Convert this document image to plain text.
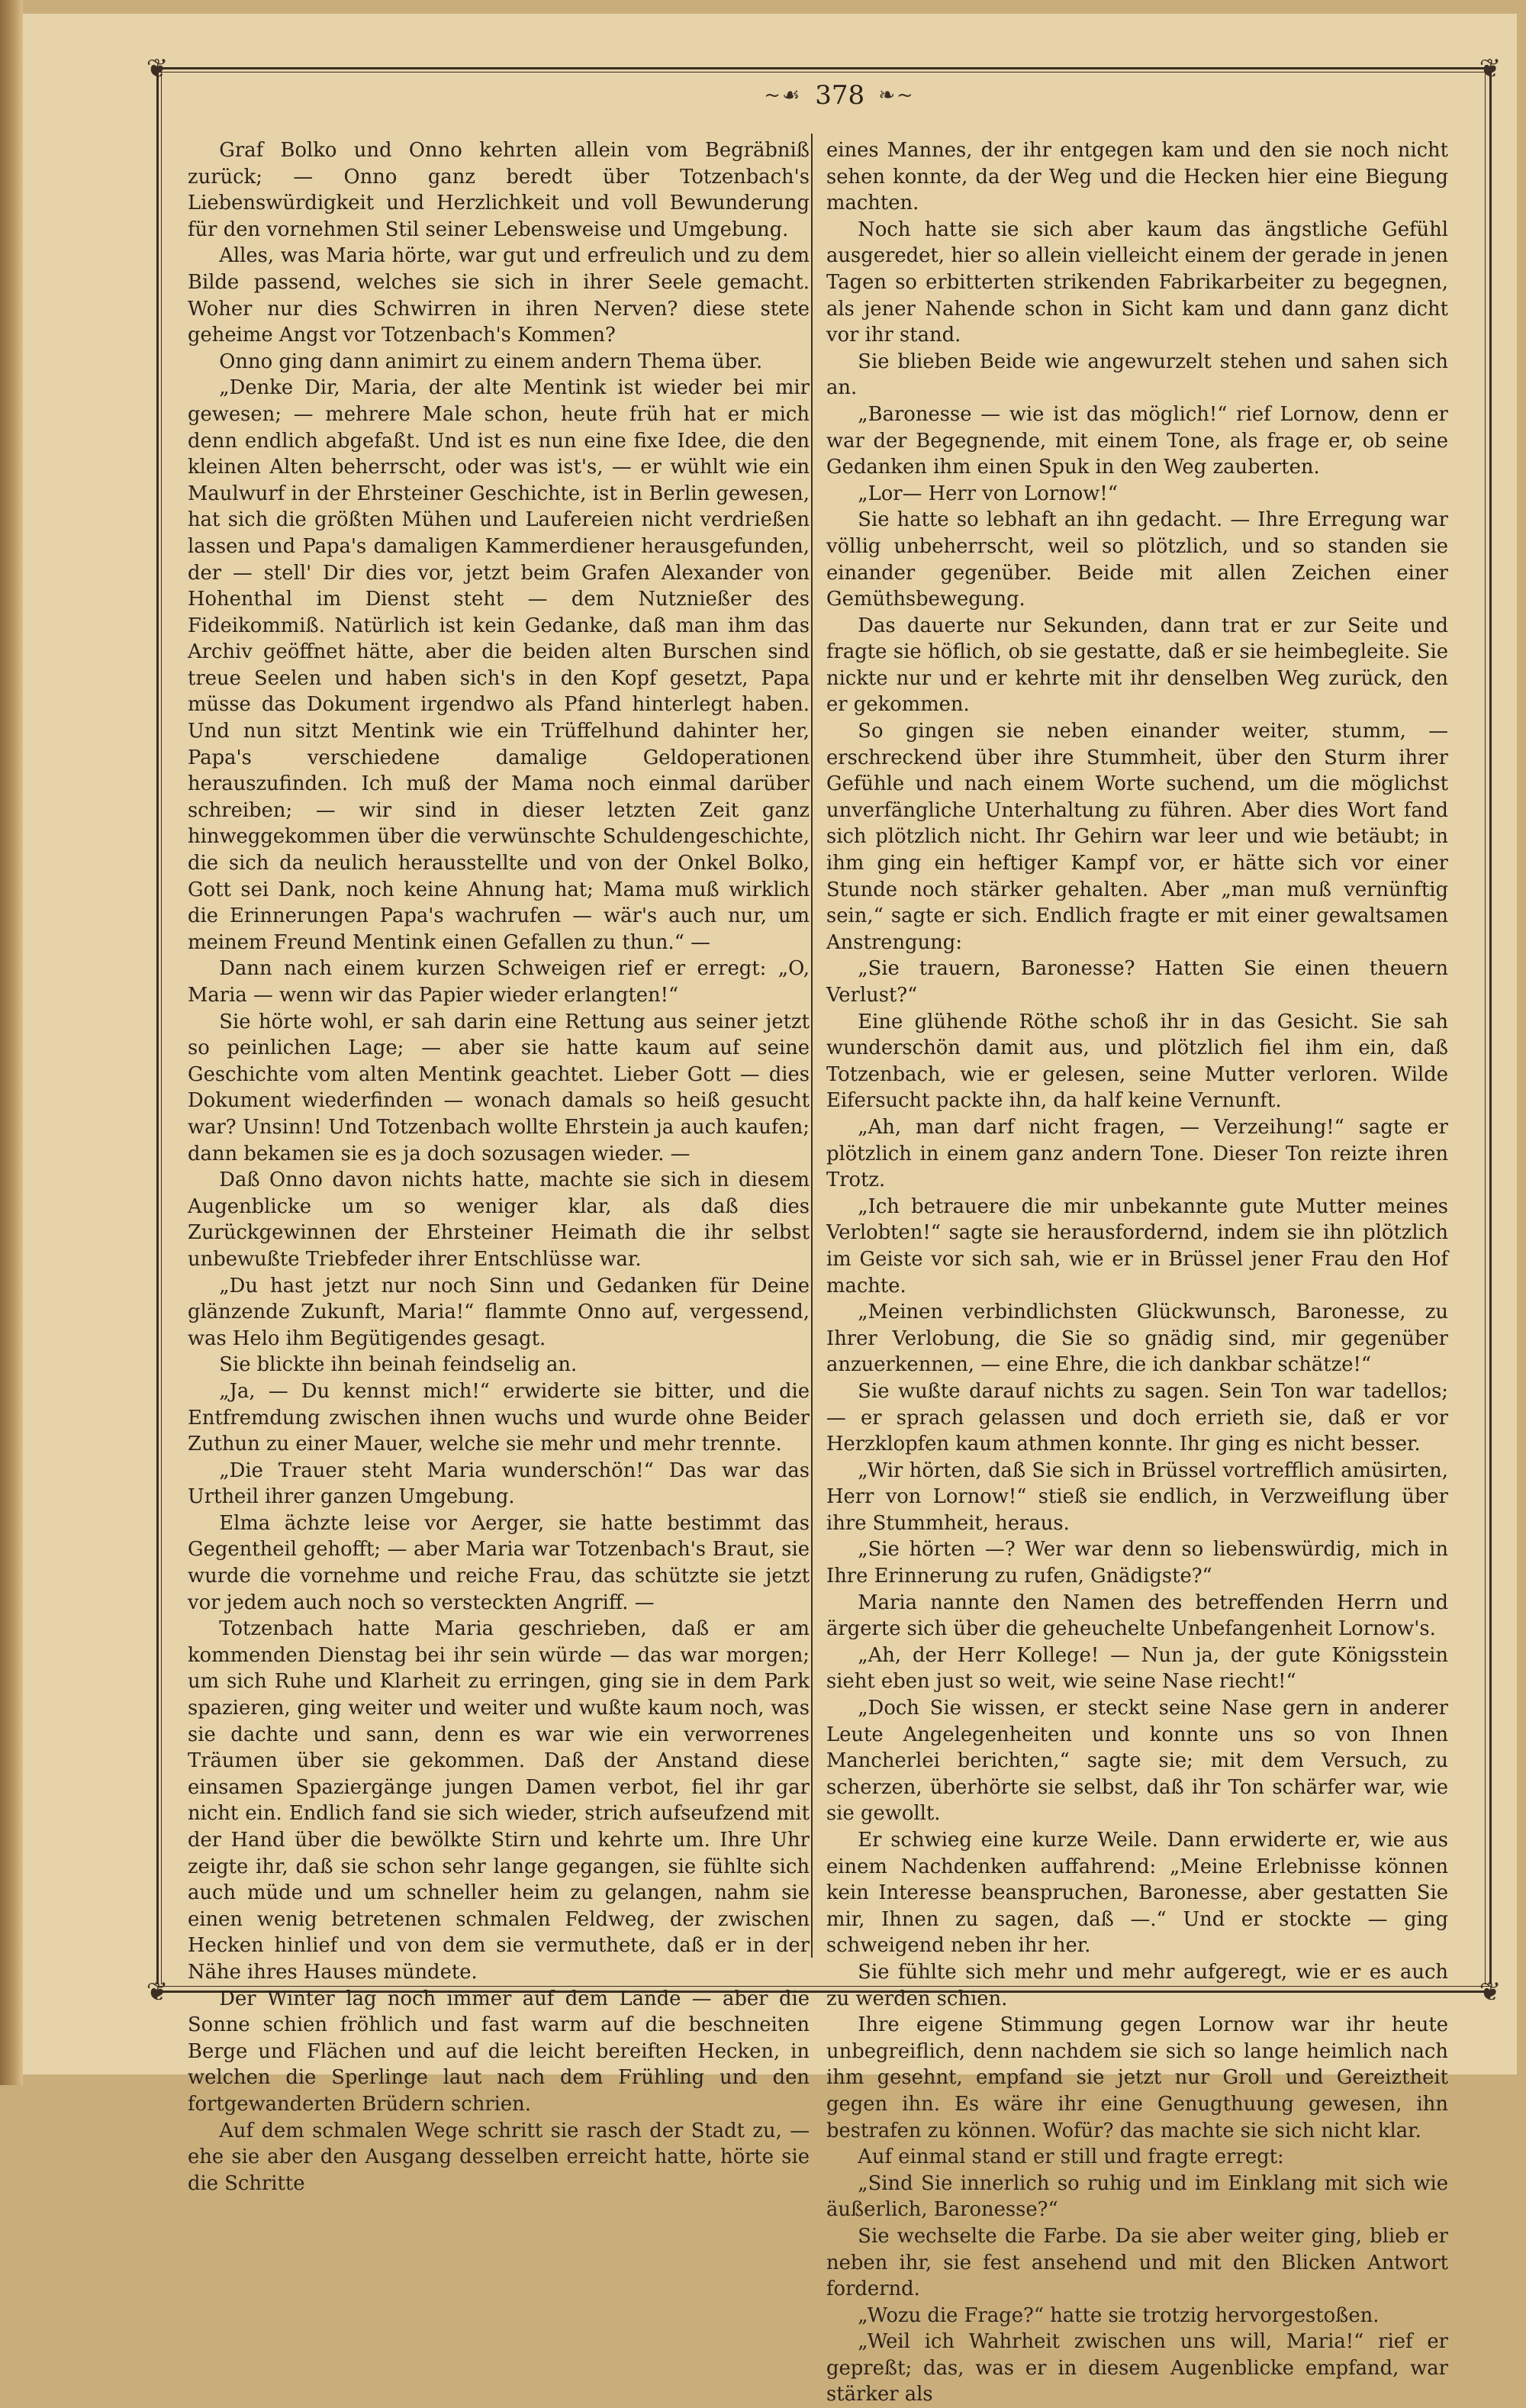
❦	❦
❦	❦
~☙ 378 ❧~

Graf Bolko und Onno kehrten allein vom Begräbniß zurück; — Onno ganz beredt über Totzenbach's Liebenswürdigkeit und Herzlichkeit und voll Bewunderung für den vornehmen Stil seiner Lebensweise und Umgebung.

Alles, was Maria hörte, war gut und erfreulich und zu dem Bilde passend, welches sie sich in ihrer Seele gemacht. Woher nur dies Schwirren in ihren Nerven? diese stete geheime Angst vor Totzenbach's Kommen?

Onno ging dann animirt zu einem andern Thema über.

„Denke Dir, Maria, der alte Mentink ist wieder bei mir gewesen; — mehrere Male schon, heute früh hat er mich denn endlich abgefaßt. Und ist es nun eine fixe Idee, die den kleinen Alten beherrscht, oder was ist's, — er wühlt wie ein Maulwurf in der Ehrsteiner Geschichte, ist in Berlin gewesen, hat sich die größten Mühen und Laufereien nicht verdrießen lassen und Papa's damaligen Kammerdiener herausgefunden, der — stell' Dir dies vor, jetzt beim Grafen Alexander von Hohenthal im Dienst steht — dem Nutznießer des Fideikommiß. Natürlich ist kein Gedanke, daß man ihm das Archiv geöffnet hätte, aber die beiden alten Burschen sind treue Seelen und haben sich's in den Kopf gesetzt, Papa müsse das Dokument irgendwo als Pfand hinterlegt haben. Und nun sitzt Mentink wie ein Trüffelhund dahinter her, Papa's verschiedene damalige Geldoperationen herauszufinden. Ich muß der Mama noch einmal darüber schreiben; — wir sind in dieser letzten Zeit ganz hinweggekommen über die verwünschte Schuldengeschichte, die sich da neulich herausstellte und von der Onkel Bolko, Gott sei Dank, noch keine Ahnung hat; Mama muß wirklich die Erinnerungen Papa's wachrufen — wär's auch nur, um meinem Freund Mentink einen Gefallen zu thun.“ —

Dann nach einem kurzen Schweigen rief er erregt: „O, Maria — wenn wir das Papier wieder erlangten!“

Sie hörte wohl, er sah darin eine Rettung aus seiner jetzt so peinlichen Lage; — aber sie hatte kaum auf seine Geschichte vom alten Mentink geachtet. Lieber Gott — dies Dokument wiederfinden — wonach damals so heiß gesucht war? Unsinn! Und Totzenbach wollte Ehrstein ja auch kaufen; dann bekamen sie es ja doch sozusagen wieder. —

Daß Onno davon nichts hatte, machte sie sich in diesem Augenblicke um so weniger klar, als daß dies Zurückgewinnen der Ehrsteiner Heimath die ihr selbst unbewußte Triebfeder ihrer Entschlüsse war.

„Du hast jetzt nur noch Sinn und Gedanken für Deine glänzende Zukunft, Maria!“ flammte Onno auf, vergessend, was Helo ihm Begütigendes gesagt.

Sie blickte ihn beinah feindselig an.

„Ja, — Du kennst mich!“ erwiderte sie bitter, und die Entfremdung zwischen ihnen wuchs und wurde ohne Beider Zuthun zu einer Mauer, welche sie mehr und mehr trennte.

„Die Trauer steht Maria wunderschön!“ Das war das Urtheil ihrer ganzen Umgebung.

Elma ächzte leise vor Aerger, sie hatte bestimmt das Gegentheil gehofft; — aber Maria war Totzenbach's Braut, sie wurde die vornehme und reiche Frau, das schützte sie jetzt vor jedem auch noch so versteckten Angriff. —

Totzenbach hatte Maria geschrieben, daß er am kommenden Dienstag bei ihr sein würde — das war morgen; um sich Ruhe und Klarheit zu erringen, ging sie in dem Park spazieren, ging weiter und weiter und wußte kaum noch, was sie dachte und sann, denn es war wie ein verworrenes Träumen über sie gekommen. Daß der Anstand diese einsamen Spaziergänge jungen Damen verbot, fiel ihr gar nicht ein. Endlich fand sie sich wieder, strich aufseufzend mit der Hand über die bewölkte Stirn und kehrte um. Ihre Uhr zeigte ihr, daß sie schon sehr lange gegangen, sie fühlte sich auch müde und um schneller heim zu gelangen, nahm sie einen wenig betretenen schmalen Feldweg, der zwischen Hecken hinlief und von dem sie vermuthete, daß er in der Nähe ihres Hauses mündete.

Der Winter lag noch immer auf dem Lande — aber die Sonne schien fröhlich und fast warm auf die beschneiten Berge und Flächen und auf die leicht bereiften Hecken, in welchen die Sperlinge laut nach dem Frühling und den fortgewanderten Brüdern schrien.

Auf dem schmalen Wege schritt sie rasch der Stadt zu, — ehe sie aber den Ausgang desselben erreicht hatte, hörte sie die Schritte

eines Mannes, der ihr entgegen kam und den sie noch nicht sehen konnte, da der Weg und die Hecken hier eine Biegung machten.

Noch hatte sie sich aber kaum das ängstliche Gefühl ausgeredet, hier so allein vielleicht einem der gerade in jenen Tagen so erbitterten strikenden Fabrikarbeiter zu begegnen, als jener Nahende schon in Sicht kam und dann ganz dicht vor ihr stand.

Sie blieben Beide wie angewurzelt stehen und sahen sich an.

„Baronesse — wie ist das möglich!“ rief Lornow, denn er war der Begegnende, mit einem Tone, als frage er, ob seine Gedanken ihm einen Spuk in den Weg zauberten.

„Lor— Herr von Lornow!“

Sie hatte so lebhaft an ihn gedacht. — Ihre Erregung war völlig unbeherrscht, weil so plötzlich, und so standen sie einander gegenüber. Beide mit allen Zeichen einer Gemüthsbewegung.

Das dauerte nur Sekunden, dann trat er zur Seite und fragte sie höflich, ob sie gestatte, daß er sie heimbegleite. Sie nickte nur und er kehrte mit ihr denselben Weg zurück, den er gekommen.

So gingen sie neben einander weiter, stumm, — erschreckend über ihre Stummheit, über den Sturm ihrer Gefühle und nach einem Worte suchend, um die möglichst unverfängliche Unterhaltung zu führen. Aber dies Wort fand sich plötzlich nicht. Ihr Gehirn war leer und wie betäubt; in ihm ging ein heftiger Kampf vor, er hätte sich vor einer Stunde noch stärker gehalten. Aber „man muß vernünftig sein,“ sagte er sich. Endlich fragte er mit einer gewaltsamen Anstrengung:

„Sie trauern, Baronesse? Hatten Sie einen theuern Verlust?“

Eine glühende Röthe schoß ihr in das Gesicht. Sie sah wunderschön damit aus, und plötzlich fiel ihm ein, daß Totzenbach, wie er gelesen, seine Mutter verloren. Wilde Eifersucht packte ihn, da half keine Vernunft.

„Ah, man darf nicht fragen, — Verzeihung!“ sagte er plötzlich in einem ganz andern Tone. Dieser Ton reizte ihren Trotz.

„Ich betrauere die mir unbekannte gute Mutter meines Verlobten!“ sagte sie herausfordernd, indem sie ihn plötzlich im Geiste vor sich sah, wie er in Brüssel jener Frau den Hof machte.

„Meinen verbindlichsten Glückwunsch, Baronesse, zu Ihrer Verlobung, die Sie so gnädig sind, mir gegenüber anzuerkennen, — eine Ehre, die ich dankbar schätze!“

Sie wußte darauf nichts zu sagen. Sein Ton war tadellos; — er sprach gelassen und doch errieth sie, daß er vor Herzklopfen kaum athmen konnte. Ihr ging es nicht besser.

„Wir hörten, daß Sie sich in Brüssel vortrefflich amüsirten, Herr von Lornow!“ stieß sie endlich, in Verzweiflung über ihre Stummheit, heraus.

„Sie hörten —? Wer war denn so liebenswürdig, mich in Ihre Erinnerung zu rufen, Gnädigste?“

Maria nannte den Namen des betreffenden Herrn und ärgerte sich über die geheuchelte Unbefangenheit Lornow's.

„Ah, der Herr Kollege! — Nun ja, der gute Königsstein sieht eben just so weit, wie seine Nase riecht!“

„Doch Sie wissen, er steckt seine Nase gern in anderer Leute Angelegenheiten und konnte uns so von Ihnen Mancherlei berichten,“ sagte sie; mit dem Versuch, zu scherzen, überhörte sie selbst, daß ihr Ton schärfer war, wie sie gewollt.

Er schwieg eine kurze Weile. Dann erwiderte er, wie aus einem Nachdenken auffahrend: „Meine Erlebnisse können kein Interesse beanspruchen, Baronesse, aber gestatten Sie mir, Ihnen zu sagen, daß —.“ Und er stockte — ging schweigend neben ihr her.

Sie fühlte sich mehr und mehr aufgeregt, wie er es auch zu werden schien.

Ihre eigene Stimmung gegen Lornow war ihr heute unbegreiflich, denn nachdem sie sich so lange heimlich nach ihm gesehnt, empfand sie jetzt nur Groll und Gereiztheit gegen ihn. Es wäre ihr eine Genugthuung gewesen, ihn bestrafen zu können. Wofür? das machte sie sich nicht klar.

Auf einmal stand er still und fragte erregt:

„Sind Sie innerlich so ruhig und im Einklang mit sich wie äußerlich, Baronesse?“

Sie wechselte die Farbe. Da sie aber weiter ging, blieb er neben ihr, sie fest ansehend und mit den Blicken Antwort fordernd.

„Wozu die Frage?“ hatte sie trotzig hervorgestoßen.

„Weil ich Wahrheit zwischen uns will, Maria!“ rief er gepreßt; das, was er in diesem Augenblicke empfand, war stärker als
